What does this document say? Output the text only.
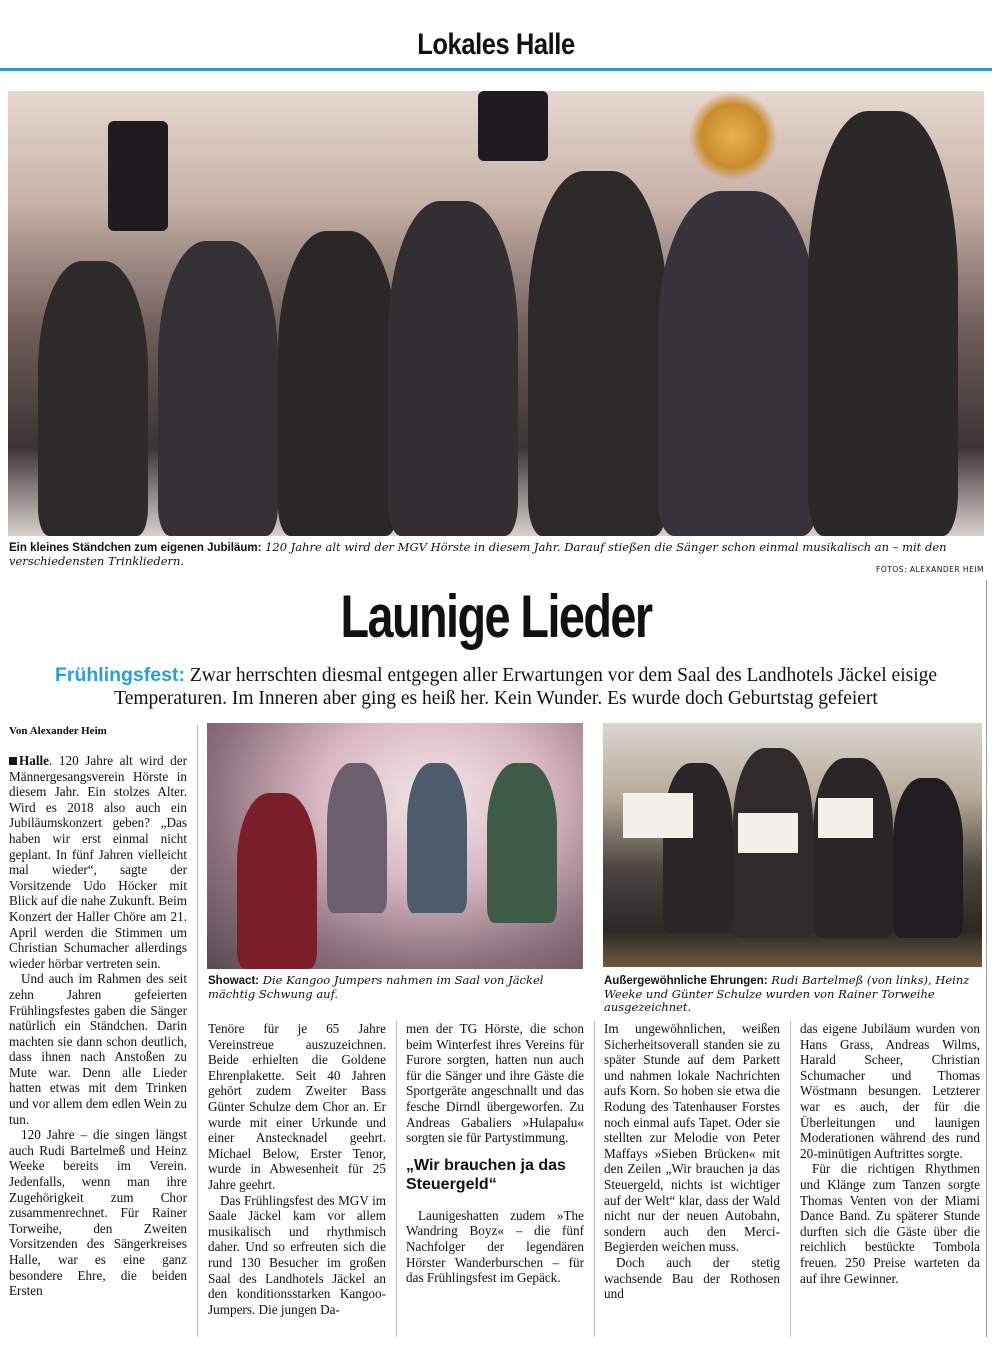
Lokales Halle
Ein kleines Ständchen zum eigenen Jubiläum: 120 Jahre alt wird der MGV Hörste in diesem Jahr. Darauf stießen die Sänger schon einmal musikalisch an – mit den verschiedensten Trinkliedern.
FOTOS: ALEXANDER HEIM
Launige Lieder
Frühlingsfest: Zwar herrschten diesmal entgegen aller Erwartungen vor dem Saal des Landhotels Jäckel eisige Temperaturen. Im Inneren aber ging es heiß her. Kein Wunder. Es wurde doch Geburtstag gefeiert
Von Alexander Heim
Showact: Die Kangoo Jumpers nahmen im Saal von Jäckel mächtig Schwung auf.
Außergewöhnliche Ehrungen: Rudi Bartelmeß (von links), Heinz Weeke und Günter Schulze wurden von Rainer Torweihe ausgezeichnet.

Halle. 120 Jahre alt wird der Männergesangsverein Hörste in diesem Jahr. Ein stolzes Alter. Wird es 2018 also auch ein Jubiläumskonzert geben? „Das haben wir erst einmal nicht geplant. In fünf Jahren vielleicht mal wieder“, sagte der Vorsitzende Udo Höcker mit Blick auf die nahe Zukunft. Beim Konzert der Haller Chöre am 21. April werden die Stimmen um Christian Schumacher allerdings wieder hörbar vertreten sein.

Und auch im Rahmen des seit zehn Jahren gefeierten Frühlingsfestes gaben die Sänger natürlich ein Ständchen. Darin machten sie dann schon deutlich, dass ihnen nach Anstoßen zu Mute war. Denn alle Lieder hatten etwas mit dem Trinken und vor allem dem edlen Wein zu tun.

120 Jahre – die singen längst auch Rudi Bartelmeß und Heinz Weeke bereits im Verein. Jedenfalls, wenn man ihre Zugehörigkeit zum Chor zusammenrechnet. Für Rainer Torweihe, den Zweiten Vorsitzenden des Sängerkreises Halle, war es eine ganz besondere Ehre, die beiden Ersten

Tenöre für je 65 Jahre Vereinstreue auszuzeichnen. Beide erhielten die Goldene Ehrenplakette. Seit 40 Jahren gehört zudem Zweiter Bass Günter Schulze dem Chor an. Er wurde mit einer Urkunde und einer Anstecknadel geehrt. Michael Below, Erster Tenor, wurde in Abwesenheit für 25 Jahre geehrt.

Das Frühlingsfest des MGV im Saale Jäckel kam vor allem musikalisch und rhythmisch daher. Und so erfreuten sich die rund 130 Besucher im großen Saal des Landhotels Jäckel an den konditionsstarken Kangoo-Jumpers. Die jungen Da-

men der TG Hörste, die schon beim Winterfest ihres Vereins für Furore sorgten, hatten nun auch für die Sänger und ihre Gäste die Sportgeräte angeschnallt und das fesche Dirndl übergeworfen. Zu Andreas Gabaliers »Hulapalu« sorgten sie für Partystimmung.

„Wir brauchen ja das Steuergeld“

Launigeshatten zudem »The Wandring Boyz« – die fünf Nachfolger der legendären Hörster Wanderburschen – für das Frühlingsfest im Gepäck.

Im ungewöhnlichen, weißen Sicherheitsoverall standen sie zu später Stunde auf dem Parkett und nahmen lokale Nachrichten aufs Korn. So hoben sie etwa die Rodung des Tatenhauser Forstes noch einmal aufs Tapet. Oder sie stellten zur Melodie von Peter Maffays »Sieben Brücken« mit den Zeilen „Wir brauchen ja das Steuergeld, nichts ist wichtiger auf der Welt“ klar, dass der Wald nicht nur der neuen Autobahn, sondern auch den Merci-Begierden weichen muss.

Doch auch der stetig wachsende Bau der Rothosen und

das eigene Jubiläum wurden von Hans Grass, Andreas Wilms, Harald Scheer, Christian Schumacher und Thomas Wöstmann besungen. Letzterer war es auch, der für die Überleitungen und launigen Moderationen während des rund 20-minütigen Auftrittes sorgte.

Für die richtigen Rhythmen und Klänge zum Tanzen sorgte Thomas Venten von der Miami Dance Band. Zu späterer Stunde durften sich die Gäste über die reichlich bestückte Tombola freuen. 250 Preise warteten da auf ihre Gewinner.
